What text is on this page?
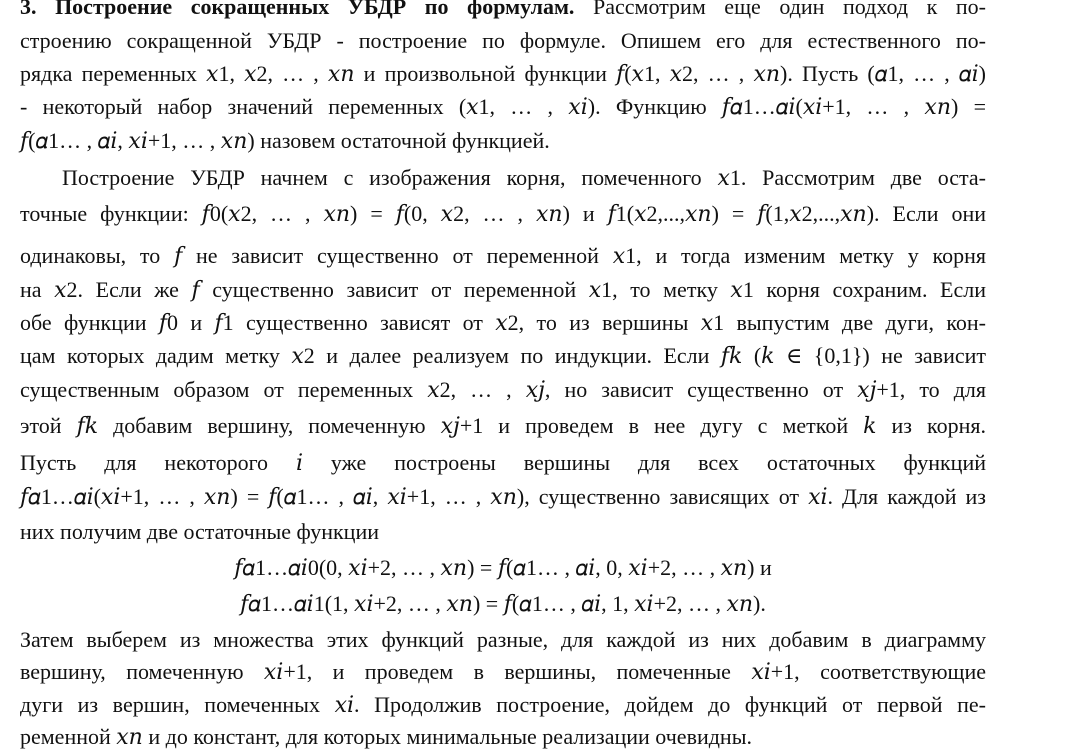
3. Построение сокращенных УБДР по формулам. Рассмотрим еще один подход к по-
строению сокращенной УБДР - построение по формуле. Опишем его для естественного по-
рядка переменных 𝑥1, 𝑥2, … , 𝑥𝑛 и произвольной функции 𝑓(𝑥1, 𝑥2, … , 𝑥𝑛). Пусть (𝛼1, … , 𝛼𝑖)
- некоторый набор значений переменных (𝑥1, … , 𝑥𝑖). Функцию 𝑓𝛼1…𝛼𝑖(𝑥𝑖+1, … , 𝑥𝑛) =
𝑓(𝛼1… , 𝛼𝑖, 𝑥𝑖+1, … , 𝑥𝑛) назовем остаточной функцией.
Построение УБДР начнем с изображения корня, помеченного 𝑥1. Рассмотрим две оста-
точные функции: 𝑓0(𝑥2, … , 𝑥𝑛) = 𝑓(0, 𝑥2, … , 𝑥𝑛) и 𝑓1(𝑥2,...,𝑥𝑛) = 𝑓(1,𝑥2,...,𝑥𝑛). Если они
одинаковы, то 𝑓 не зависит существенно от переменной 𝑥1, и тогда изменим метку у корня
на 𝑥2. Если же 𝑓 существенно зависит от переменной 𝑥1, то метку 𝑥1 корня сохраним. Если
обе функции 𝑓0 и 𝑓1 существенно зависят от 𝑥2, то из вершины 𝑥1 выпустим две дуги, кон-
цам которых дадим метку 𝑥2 и далее реализуем по индукции. Если 𝑓𝑘 (𝑘 ∈ {0,1}) не зависит
существенным образом от переменных 𝑥2, … , 𝑥𝑗, но зависит существенно от 𝑥𝑗+1, то для
этой 𝑓𝑘 добавим вершину, помеченную 𝑥𝑗+1 и проведем в нее дугу с меткой 𝑘 из корня.
Пусть для некоторого 𝑖 уже построены вершины для всех остаточных функций
𝑓𝛼1…𝛼𝑖(𝑥𝑖+1, … , 𝑥𝑛) = 𝑓(𝛼1… , 𝛼𝑖, 𝑥𝑖+1, … , 𝑥𝑛), существенно зависящих от 𝑥𝑖. Для каждой из
них получим две остаточные функции
𝑓𝛼1…𝛼𝑖0(0, 𝑥𝑖+2, … , 𝑥𝑛) = 𝑓(𝛼1… , 𝛼𝑖, 0, 𝑥𝑖+2, … , 𝑥𝑛) и
𝑓𝛼1…𝛼𝑖1(1, 𝑥𝑖+2, … , 𝑥𝑛) = 𝑓(𝛼1… , 𝛼𝑖, 1, 𝑥𝑖+2, … , 𝑥𝑛).
Затем выберем из множества этих функций разные, для каждой из них добавим в диаграмму
вершину, помеченную 𝑥𝑖+1, и проведем в вершины, помеченные 𝑥𝑖+1, соответствующие
дуги из вершин, помеченных 𝑥𝑖. Продолжив построение, дойдем до функций от первой пе-
ременной 𝑥𝑛 и до констант, для которых минимальные реализации очевидны.
